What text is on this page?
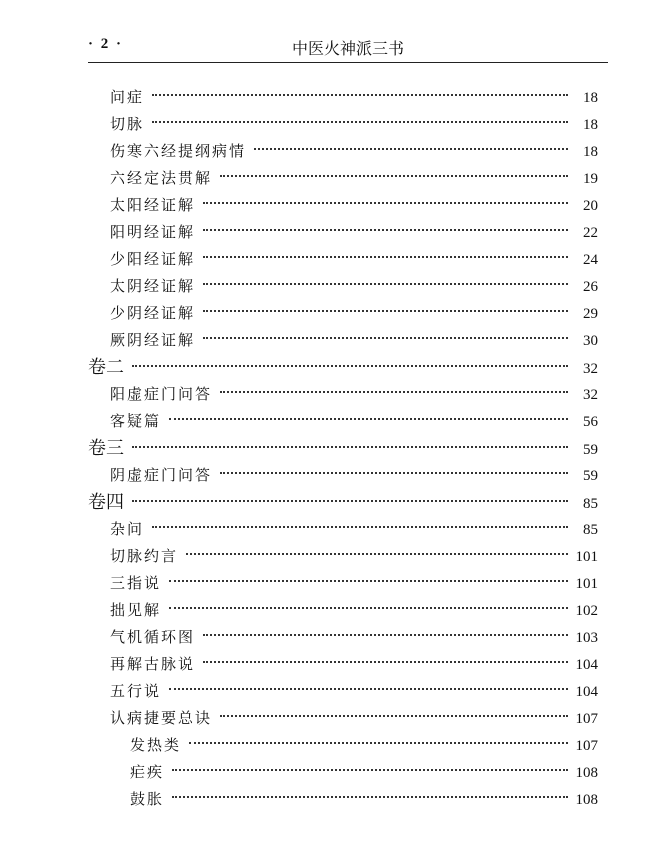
· 2 ·	中医火神派三书
问症	18
切脉	18
伤寒六经提纲病情	18
六经定法贯解	19
太阳经证解	20
阳明经证解	22
少阳经证解	24
太阴经证解	26
少阴经证解	29
厥阴经证解	30
卷二	32
阳虚症门问答	32
客疑篇	56
卷三	59
阴虚症门问答	59
卷四	85
杂问	85
切脉约言	101
三指说	101
拙见解	102
气机循环图	103
再解古脉说	104
五行说	104
认病捷要总诀	107
发热类	107
疟疾	108
鼓胀	108
